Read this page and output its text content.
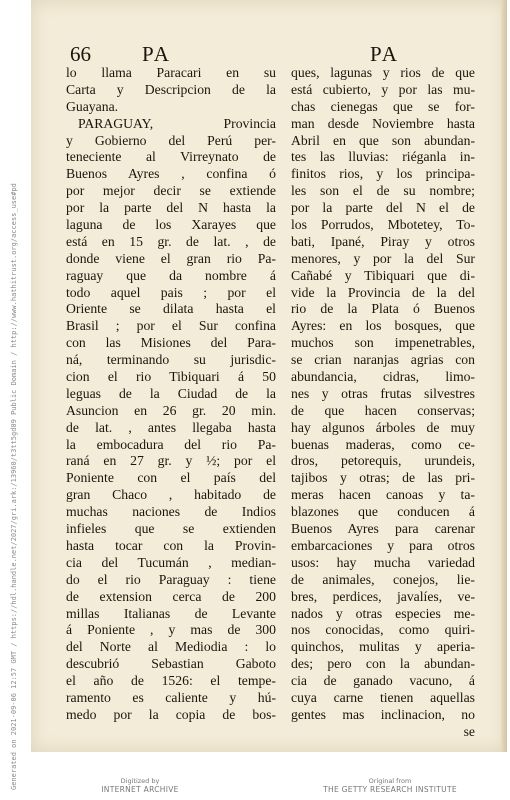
66 PA	PA
lo llama Paracari en su
Carta y Descripcion de la
Guayana.
PARAGUAY, Provincia
y Gobierno del Perú per-
teneciente al Virreynato de
Buenos Ayres , confina ó
por mejor decir se extiende
por la parte del N hasta la
laguna de los Xarayes que
está en 15 gr. de lat. , de
donde viene el gran rio Pa-
raguay que da nombre á
todo aquel pais ; por el
Oriente se dilata hasta el
Brasil ; por el Sur confina
con las Misiones del Para-
ná, terminando su jurisdic-
cion el rio Tibiquari á 50
leguas de la Ciudad de la
Asuncion en 26 gr. 20 min.
de lat. , antes llegaba hasta
la embocadura del rio Pa-
raná en 27 gr. y ½; por el
Poniente con el país del
gran Chaco , habitado de
muchas naciones de Indios
infieles que se extienden
hasta tocar con la Provin-
cia del Tucumán , median-
do el rio Paraguay : tiene
de extension cerca de 200
millas Italianas de Levante
á Poniente , y mas de 300
del Norte al Mediodia : lo
descubrió Sebastian Gaboto
el año de 1526: el tempe-
ramento es caliente y hú-
medo por la copia de bos-
ques, lagunas y rios de que
está cubierto, y por las mu-
chas cienegas que se for-
man desde Noviembre hasta
Abril en que son abundan-
tes las lluvias: riéganla in-
finitos rios, y los principa-
les son el de su nombre;
por la parte del N el de
los Porrudos, Mbotetey, To-
bati, Ipané, Piray y otros
menores, y por la del Sur
Cañabé y Tibiquari que di-
vide la Provincia de la del
rio de la Plata ó Buenos
Ayres: en los bosques, que
muchos son impenetrables,
se crian naranjas agrias con
abundancia, cidras, limo-
nes y otras frutas silvestres
de que hacen conservas;
hay algunos árboles de muy
buenas maderas, como ce-
dros, petorequis, urundeis,
tajibos y otras; de las pri-
meras hacen canoas y ta-
blazones que conducen á
Buenos Ayres para carenar
embarcaciones y para otros
usos: hay mucha variedad
de animales, conejos, lie-
bres, perdices, javalíes, ve-
nados y otras especies me-
nos conocidas, como quiri-
quinchos, mulitas y aperia-
des; pero con la abundan-
cia de ganado vacuno, á
cuya carne tienen aquellas
gentes mas inclinacion, no
se
Generated on 2021-09-06 12:57 GMT / https://hdl.handle.net/2027/gri.ark:/13960/t3tt5gd09 Public Domain / http://www.hathitrust.org/access_use#pd	Digitized by
INTERNET ARCHIVE
Original from
THE GETTY RESEARCH INSTITUTE
